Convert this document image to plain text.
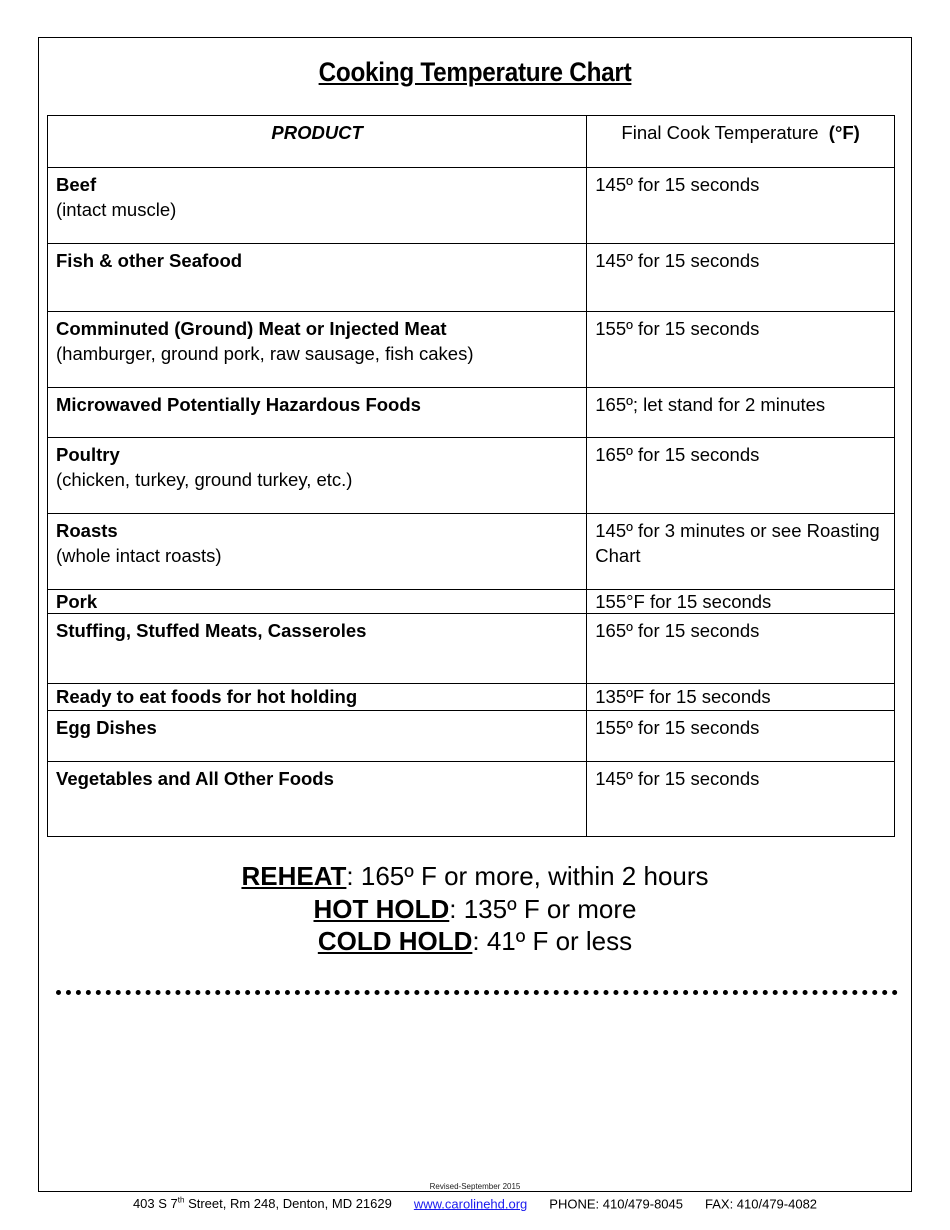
Cooking Temperature Chart
PRODUCT	Final Cook Temperature (°F)

Beef
(intact muscle)	145º for 15 seconds

Fish & other Seafood	145º for 15 seconds

Comminuted (Ground) Meat or Injected Meat
(hamburger, ground pork, raw sausage, fish cakes)	155º for 15 seconds

Microwaved Potentially Hazardous Foods	165º; let stand for 2 minutes

Poultry
(chicken, turkey, ground turkey, etc.)	165º for 15 seconds

Roasts
(whole intact roasts)	145º for 3 minutes or see Roasting Chart

Pork	155°F for 15 seconds

Stuffing, Stuffed Meats, Casseroles	165º for 15 seconds

Ready to eat foods for hot holding	135ºF for 15 seconds

Egg Dishes	155º for 15 seconds

Vegetables and All Other Foods	145º for 15 seconds
REHEAT: 165º F or more, within 2 hours
HOT HOLD: 135º F or more
COLD HOLD: 41º F or less
Revised-September 2015
403 S 7th Street, Rm 248, Denton, MD 21629 www.carolinehd.org PHONE: 410/479-8045 FAX: 410/479-4082
